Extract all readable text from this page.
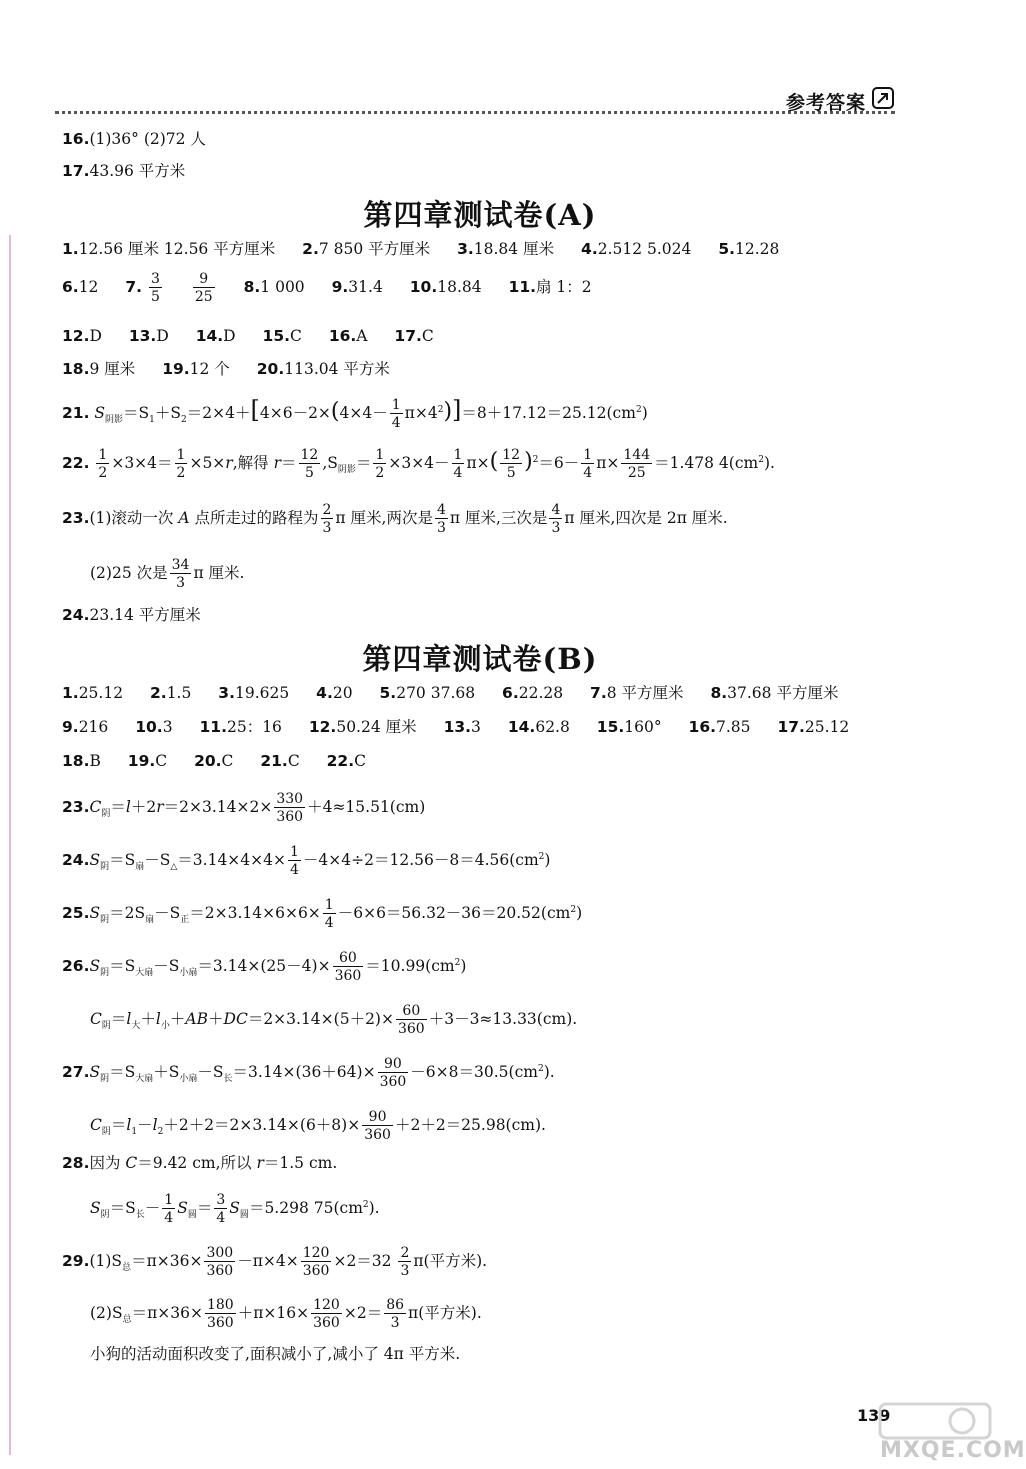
参考答案
16.(1)36° (2)72 人
17.43.96 平方米
第四章测试卷(A)
1.12.56 厘米 12.56 平方厘米 2.7 850 平方厘米 3.18.84 厘米 4.2.512 5.024 5.12.28
6.12 7. $\frac{3}{5}$
$\frac{9}{25} 8.1$ 000 9.31.4 10.18.84 11.扇 1：2
12.D 13.D 14.D 15.C 16.A 17.C
18.9 厘米 19.12 个 20.113.04 平方米
21. $S_{阴影}=S_1+S_2=2\times 4+[4\times 6-2\times(4\times 4- \frac{1}{4} \pi\times 4^2)]=8+17.12=25.12(cm^2)$
22. $\frac{1}{2} \times 3\times 4= \frac{1}{2} \times 5\times r$,解得 $r= \frac{12}{5} ,S_{阴影}= \frac{1}{2} \times 3\times 4- \frac{1}{4} \pi\times( \frac{12}{5} )^2=6- \frac{1}{4} \pi\times \frac{144}{25} =1.478$ $4(cm^2)$.
23.(1)滚动一次 A 点所走过的路程为 $\frac{2}{3}$ π 厘米,两次是 $\frac{4}{3}$ π 厘米,三次是 $\frac{4}{3}$ π 厘米,四次是 2π 厘米.
(2)25 次是 $\frac{34}{3}$ π 厘米.
24.23.14 平方厘米
第四章测试卷(B)
1.25.12 2.1.5 3.19.625 4.20 5.270 37.68 6.22.28 7.8 平方厘米 8.37.68 平方厘米
9.216 10.3 11.25：16 12.50.24 厘米 13.3 14.62.8 15.160° 16.7.85 17.25.12
18.B 19.C 20.C 21.C 22.C
$23.C_阴=l+2r=2\times 3.14\times 2\times \frac{330}{360} +4\approx 15.51(cm)$
$24.S_阴=S_扇-S_\triangle=3.14\times 4\times 4\times \frac{1}{4} -4\times 4\div 2=12.56-8=4.56(cm^2)$
$25.S_阴=2S_扇-S_正=2\times 3.14\times 6\times 6\times \frac{1}{4} -6\times 6=56.32-36=20.52(cm^2)$
$26.S_阴=S_{大扇}-S_{小扇}=3.14\times(25-4)\times \frac{60}{360} =10.99(cm^2)$
$C_阴=l_大+l_小+AB+DC=2\times 3.14\times(5+2)\times \frac{60}{360} +3-3\approx 13.33(cm)$.
$27.S_阴=S_{大扇}+S_{小扇}-S_长=3.14\times(36+64)\times \frac{90}{360} -6\times 8=30.5(cm^2)$.
$C_阴=l_1-l_2+2+2=2\times 3.14\times(6+8)\times \frac{90}{360} +2+2=25.98(cm)$.
28.因为 C＝9.42 cm,所以 r＝1.5 cm.
$S_阴=S_长- \frac{1}{4} S_圆= \frac{3}{4} S_圆=5.298$ $75(cm^2)$.
$29.(1)S_总=\pi\times 36\times \frac{300}{360} -\pi\times 4\times \frac{120}{360} \times 2=32 \frac{2}{3} \pi$(平方米).
$(2)S_总=\pi\times 36\times \frac{180}{360} +\pi\times 16\times \frac{120}{360} \times 2= \frac{86}{3} \pi$(平方米).
小狗的活动面积改变了,面积减小了,减小了 4π 平方米.
139
MXQE.COM
